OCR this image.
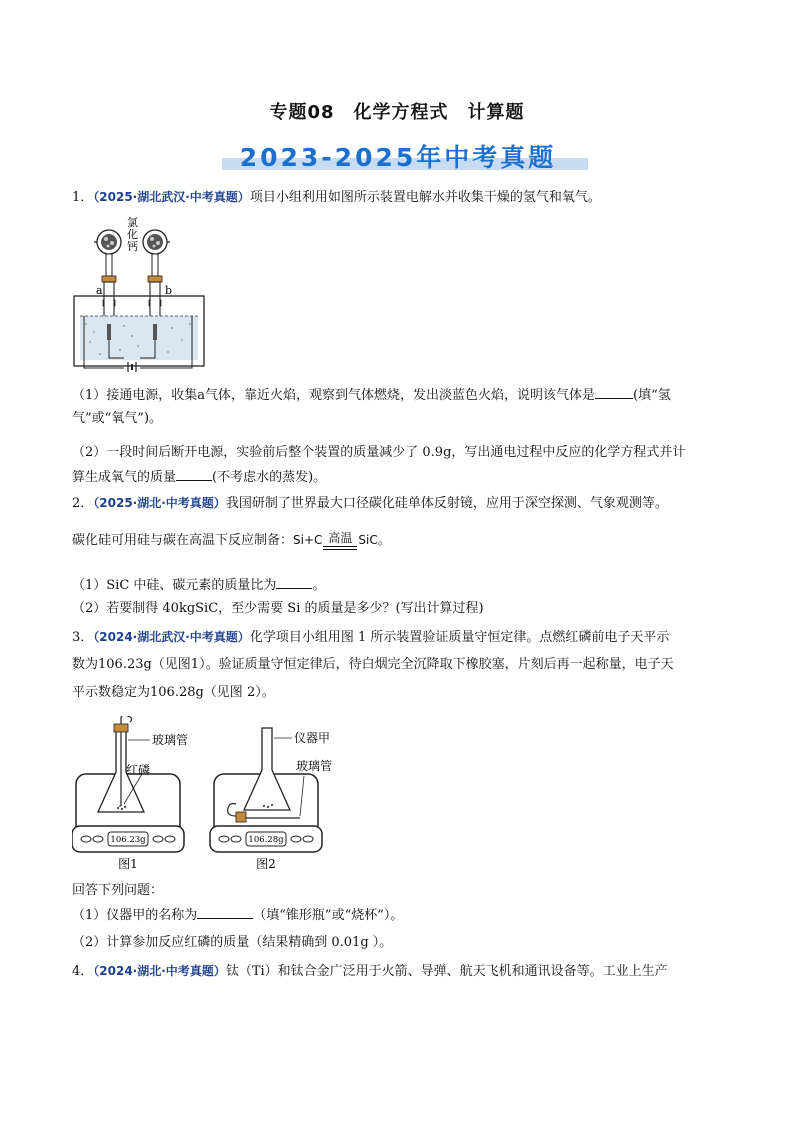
专题08　化学方程式　计算题
2023-2025年中考真题
1．（2025·湖北武汉·中考真题）项目小组利用如图所示装置电解水并收集干燥的氢气和氧气。
氯
化
钙
a	b
（1）接通电源，收集a气体，靠近火焰，观察到气体燃烧，发出淡蓝色火焰，说明该气体是	(填“氢
气”或“氧气”)。
（2）一段时间后断开电源，实验前后整个装置的质量减少了 0.9g，写出通电过程中反应的化学方程式并计
算生成氧气的质量	(不考虑水的蒸发)。
2．（2025·湖北·中考真题）我国研制了世界最大口径碳化硅单体反射镜，应用于深空探测、气象观测等。
碳化硅可用硅与碳在高温下反应制备：Si+C 高温 SiC。
（1）SiC 中硅、碳元素的质量比为	。
（2）若要制得 40kgSiC，至少需要 Si 的质量是多少？(写出计算过程)
3．（2024·湖北武汉·中考真题）化学项目小组用图 1 所示装置验证质量守恒定律。点燃红磷前电子天平示
数为106.23g（见图1）。验证质量守恒定律后，待白烟完全沉降取下橡胶塞，片刻后再一起称量，电子天
平示数稳定为106.28g（见图 2）。
106.23g
玻璃管
红磷
图1
106.28g
仪器甲
玻璃管
图2
回答下列问题：
（1）仪器甲的名称为	（填“锥形瓶”或“烧杯”）。
（2）计算参加反应红磷的质量（结果精确到 0.01g ）。
4．（2024·湖北·中考真题）钛（Ti）和钛合金广泛用于火箭、导弹、航天飞机和通讯设备等。工业上生产
